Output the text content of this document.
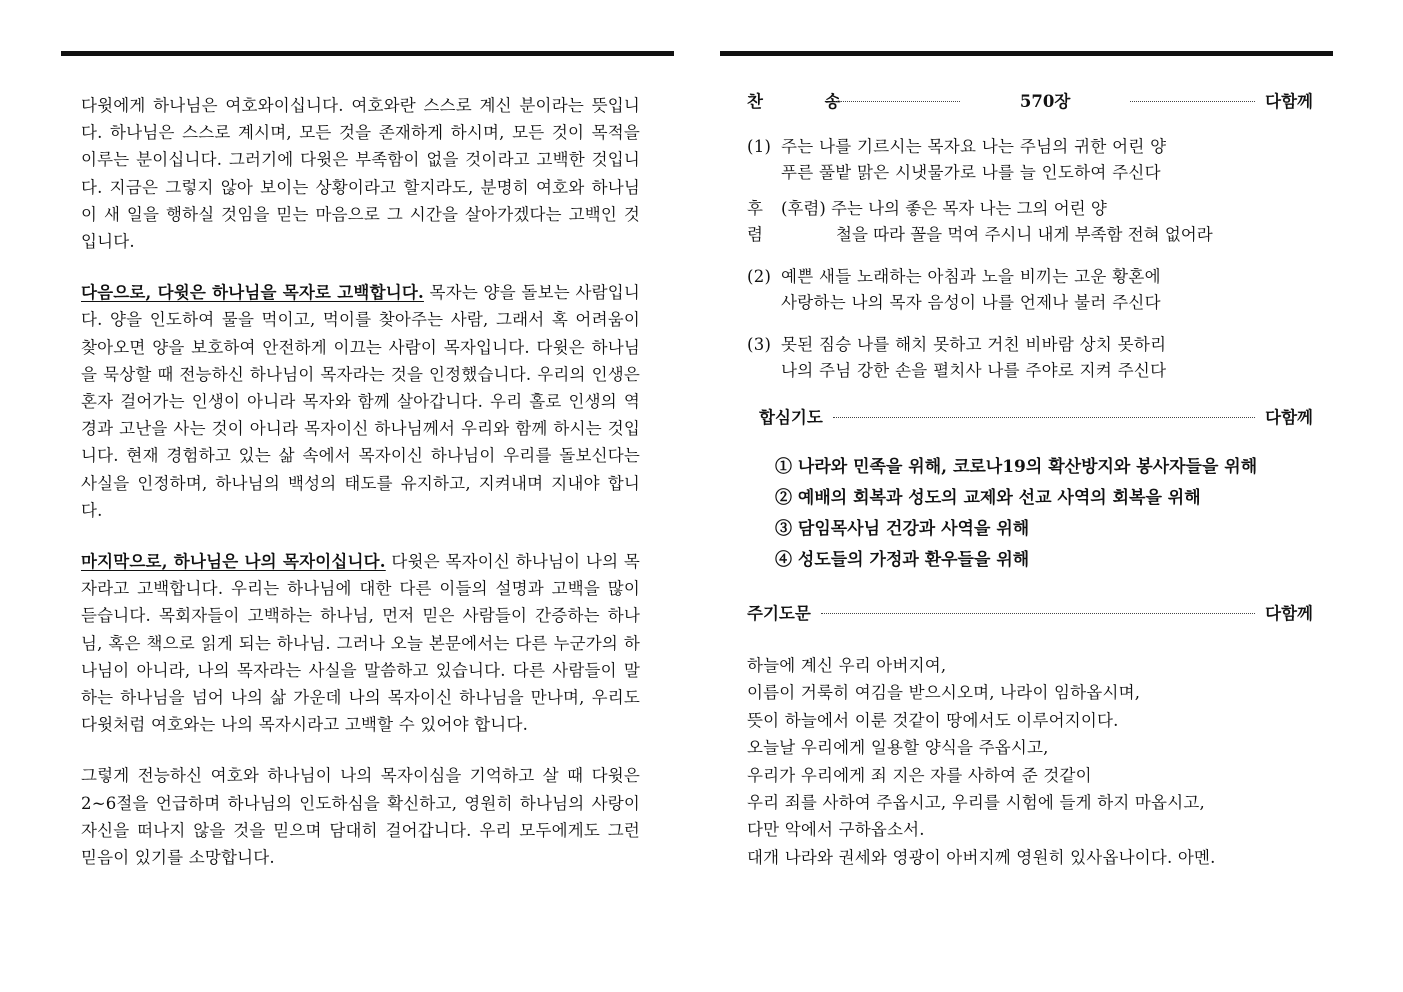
다윗에게 하나님은 여호와이십니다. 여호와란 스스로 계신 분이라는 뜻입니다. 하나님은 스스로 계시며, 모든 것을 존재하게 하시며, 모든 것이 목적을 이루는 분이십니다. 그러기에 다윗은 부족함이 없을 것이라고 고백한 것입니다. 지금은 그렇지 않아 보이는 상황이라고 할지라도, 분명히 여호와 하나님이 새 일을 행하실 것임을 믿는 마음으로 그 시간을 살아가겠다는 고백인 것입니다.

다음으로, 다윗은 하나님을 목자로 고백합니다. 목자는 양을 돌보는 사람입니다. 양을 인도하여 물을 먹이고, 먹이를 찾아주는 사람, 그래서 혹 어려움이 찾아오면 양을 보호하여 안전하게 이끄는 사람이 목자입니다. 다윗은 하나님을 묵상할 때 전능하신 하나님이 목자라는 것을 인정했습니다. 우리의 인생은 혼자 걸어가는 인생이 아니라 목자와 함께 살아갑니다. 우리 홀로 인생의 역경과 고난을 사는 것이 아니라 목자이신 하나님께서 우리와 함께 하시는 것입니다. 현재 경험하고 있는 삶 속에서 목자이신 하나님이 우리를 돌보신다는 사실을 인정하며, 하나님의 백성의 태도를 유지하고, 지켜내며 지내야 합니다.

마지막으로, 하나님은 나의 목자이십니다. 다윗은 목자이신 하나님이 나의 목자라고 고백합니다. 우리는 하나님에 대한 다른 이들의 설명과 고백을 많이 듣습니다. 목회자들이 고백하는 하나님, 먼저 믿은 사람들이 간증하는 하나님, 혹은 책으로 읽게 되는 하나님. 그러나 오늘 본문에서는 다른 누군가의 하나님이 아니라, 나의 목자라는 사실을 말씀하고 있습니다. 다른 사람들이 말하는 하나님을 넘어 나의 삶 가운데 나의 목자이신 하나님을 만나며, 우리도 다윗처럼 여호와는 나의 목자시라고 고백할 수 있어야 합니다.

그렇게 전능하신 여호와 하나님이 나의 목자이심을 기억하고 살 때 다윗은 2~6절을 언급하며 하나님의 인도하심을 확신하고, 영원히 하나님의 사랑이 자신을 떠나지 않을 것을 믿으며 담대히 걸어갑니다. 우리 모두에게도 그런 믿음이 있기를 소망합니다.

찬 송	570장	다함께
(1) 주는 나를 기르시는 목자요 나는 주님의 귀한 어린 양
푸른 풀밭 맑은 시냇물가로 나를 늘 인도하여 주신다
후
렴
(후렴) 주는 나의 좋은 목자 나는 그의 어린 양
철을 따라 꼴을 먹여 주시니 내게 부족함 전혀 없어라
(2) 예쁜 새들 노래하는 아침과 노을 비끼는 고운 황혼에
사랑하는 나의 목자 음성이 나를 언제나 불러 주신다
(3) 못된 짐승 나를 해치 못하고 거친 비바람 상치 못하리
나의 주님 강한 손을 펼치사 나를 주야로 지켜 주신다
합심기도	다함께
① 나라와 민족을 위해, 코로나19의 확산방지와 봉사자들을 위해
② 예배의 회복과 성도의 교제와 선교 사역의 회복을 위해
③ 담임목사님 건강과 사역을 위해
④ 성도들의 가정과 환우들을 위해
주기도문	다함께
하늘에 계신 우리 아버지여,
이름이 거룩히 여김을 받으시오며, 나라이 임하옵시며,
뜻이 하늘에서 이룬 것같이 땅에서도 이루어지이다.
오늘날 우리에게 일용할 양식을 주옵시고,
우리가 우리에게 죄 지은 자를 사하여 준 것같이
우리 죄를 사하여 주옵시고, 우리를 시험에 들게 하지 마옵시고,
다만 악에서 구하옵소서.
대개 나라와 권세와 영광이 아버지께 영원히 있사옵나이다. 아멘.
